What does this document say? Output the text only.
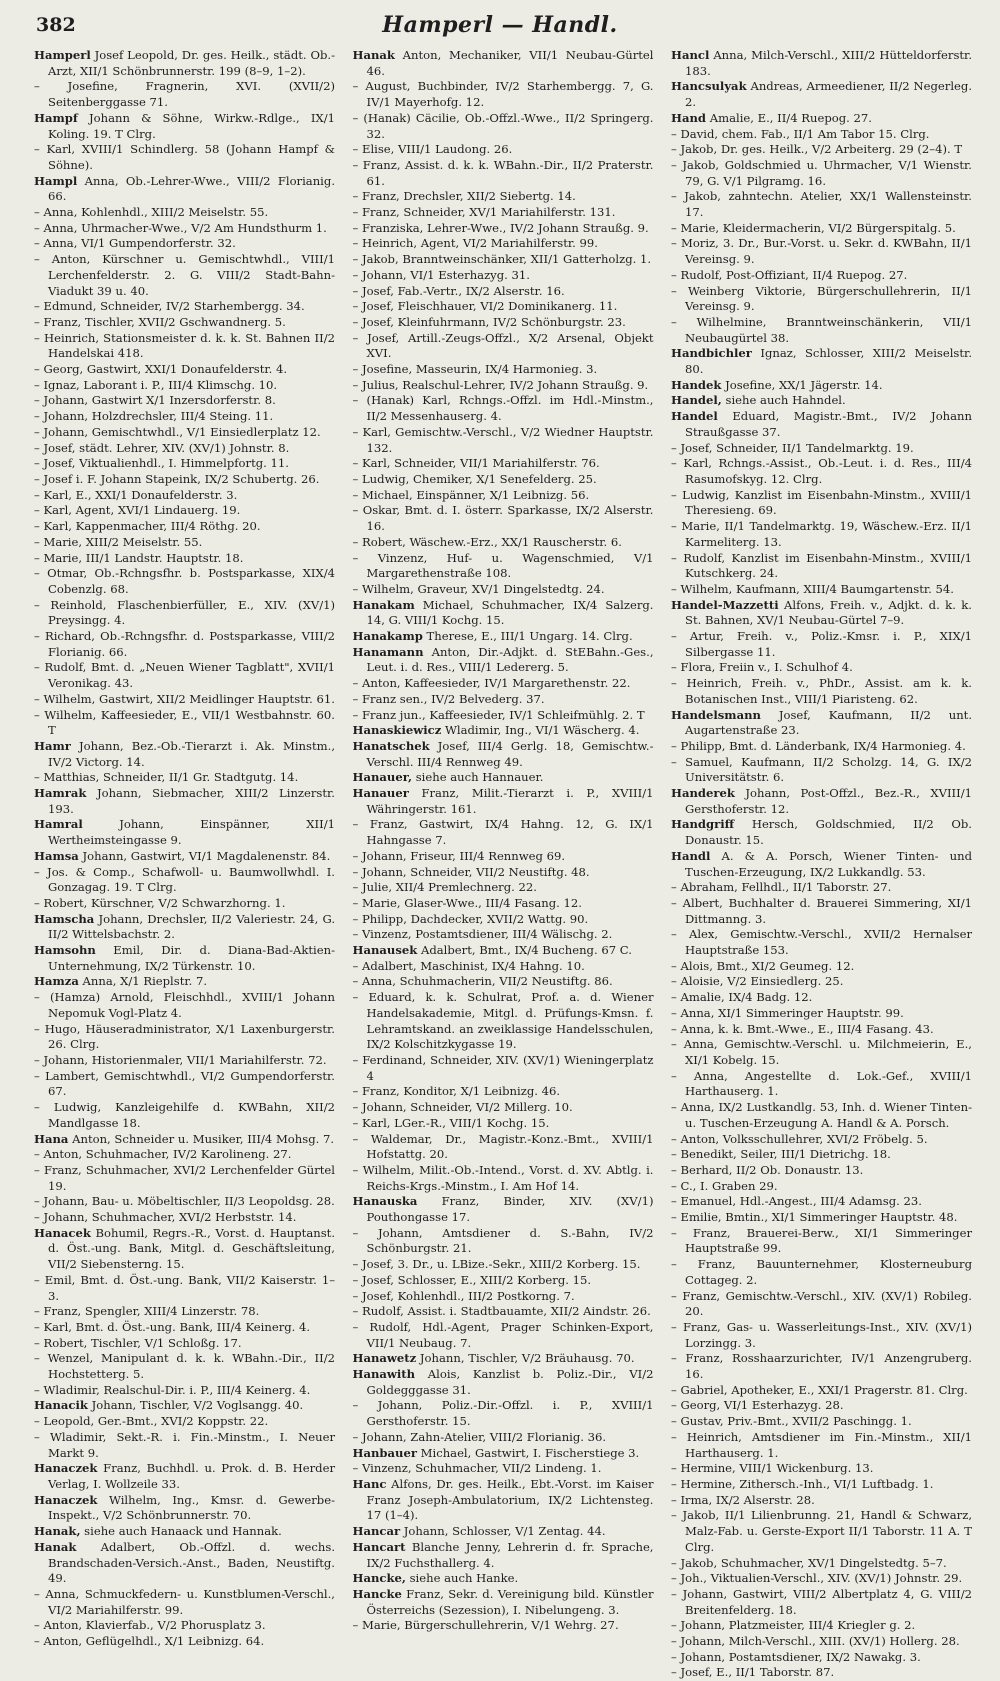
382	Hamperl — Handl.

Hamperl Josef Leopold, Dr. ges. Heilk., städt. Ob.-Arzt, XII/1 Schönbrunnerstr. 199 (8–9, 1–2).

– Josefine, Fragnerin, XVI. (XVII/2) Seitenberggasse 71.

Hampf Johann & Söhne, Wirkw.-Rdlge., IX/1 Koling. 19. T Clrg.

– Karl, XVIII/1 Schindlerg. 58 (Johann Hampf & Söhne).

Hampl Anna, Ob.-Lehrer-Wwe., VIII/2 Florianig. 66.

– Anna, Kohlenhdl., XIII/2 Meiselstr. 55.

– Anna, Uhrmacher-Wwe., V/2 Am Hundsthurm 1.

– Anna, VI/1 Gumpendorferstr. 32.

– Anton, Kürschner u. Gemischtwhdl., VIII/1 Lerchenfelderstr. 2. G. VIII/2 Stadt-Bahn-Viadukt 39 u. 40.

– Edmund, Schneider, IV/2 Starhembergg. 34.

– Franz, Tischler, XVII/2 Gschwandnerg. 5.

– Heinrich, Stationsmeister d. k. k. St. Bahnen II/2 Handelskai 418.

– Georg, Gastwirt, XXI/1 Donaufelderstr. 4.

– Ignaz, Laborant i. P., III/4 Klimschg. 10.

– Johann, Gastwirt X/1 Inzersdorferstr. 8.

– Johann, Holzdrechsler, III/4 Steing. 11.

– Johann, Gemischtwhdl., V/1 Einsiedlerplatz 12.

– Josef, städt. Lehrer, XIV. (XV/1) Johnstr. 8.

– Josef, Viktualienhdl., I. Himmelpfortg. 11.

– Josef i. F. Johann Stapeink, IX/2 Schubertg. 26.

– Karl, E., XXI/1 Donaufelderstr. 3.

– Karl, Agent, XVI/1 Lindauerg. 19.

– Karl, Kappenmacher, III/4 Röthg. 20.

– Marie, XIII/2 Meiselstr. 55.

– Marie, III/1 Landstr. Hauptstr. 18.

– Otmar, Ob.-Rchngsfhr. b. Postsparkasse, XIX/4 Cobenzlg. 68.

– Reinhold, Flaschenbierfüller, E., XIV. (XV/1) Preysingg. 4.

– Richard, Ob.-Rchngsfhr. d. Postsparkasse, VIII/2 Florianig. 66.

– Rudolf, Bmt. d. „Neuen Wiener Tagblatt", XVII/1 Veronikag. 43.

– Wilhelm, Gastwirt, XII/2 Meidlinger Hauptstr. 61.

– Wilhelm, Kaffeesieder, E., VII/1 Westbahnstr. 60. T

Hamr Johann, Bez.-Ob.-Tierarzt i. Ak. Minstm., IV/2 Victorg. 14.

– Matthias, Schneider, II/1 Gr. Stadtgutg. 14.

Hamrak Johann, Siebmacher, XIII/2 Linzerstr. 193.

Hamral	Johann, Einspänner, XII/1 Wertheimsteingasse 9.

Hamsa Johann, Gastwirt, VI/1 Magdalenenstr. 84.

– Jos. & Comp., Schafwoll- u. Baumwollwhdl. I. Gonzagag. 19. T Clrg.

– Robert, Kürschner, V/2 Schwarzhorng. 1.

Hamscha Johann, Drechsler, II/2 Valeriestr. 24, G. II/2 Wittelsbachstr. 2.

Hamsohn Emil, Dir. d. Diana-Bad-Aktien-Unternehmung, IX/2 Türkenstr. 10.

Hamza Anna, X/1 Rieplstr. 7.

– (Hamza) Arnold, Fleischhdl., XVIII/1 Johann Nepomuk Vogl-Platz 4.

– Hugo, Häuseradministrator, X/1 Laxenburgerstr. 26. Clrg.

– Johann, Historienmaler, VII/1 Mariahilferstr. 72.

– Lambert, Gemischtwhdl., VI/2 Gumpendorferstr. 67.

– Ludwig, Kanzleigehilfe d. KWBahn, XII/2 Mandlgasse 18.

Hana Anton, Schneider u. Musiker, III/4 Mohsg. 7.

– Anton, Schuhmacher, IV/2 Karolineng. 27.

– Franz, Schuhmacher, XVI/2 Lerchenfelder Gürtel 19.

– Johann, Bau- u. Möbeltischler, II/3 Leopoldsg. 28.

– Johann, Schuhmacher, XVI/2 Herbststr. 14.

Hanacek Bohumil, Regrs.-R., Vorst. d. Hauptanst. d. Öst.-ung. Bank, Mitgl. d. Geschäftsleitung, VII/2 Siebensterng. 15.

– Emil, Bmt. d. Öst.-ung. Bank, VII/2 Kaiserstr. 1–3.

– Franz, Spengler, XIII/4 Linzerstr. 78.

– Karl, Bmt. d. Öst.-ung. Bank, III/4 Keinerg. 4.

– Robert, Tischler, V/1 Schloßg. 17.

– Wenzel, Manipulant d. k. k. WBahn.-Dir., II/2 Hochstetterg. 5.

– Wladimir, Realschul-Dir. i. P., III/4 Keinerg. 4.

Hanacik Johann, Tischler, V/2 Voglsangg. 40.

– Leopold, Ger.-Bmt., XVI/2 Koppstr. 22.

– Wladimir, Sekt.-R. i. Fin.-Minstm., I. Neuer Markt 9.

Hanaczek Franz, Buchhdl. u. Prok. d. B. Herder Verlag, I. Wollzeile 33.

Hanaczek Wilhelm, Ing., Kmsr. d. Gewerbe-Inspekt., V/2 Schönbrunnerstr. 70.

Hanak, siehe auch Hanaack und Hannak.

Hanak Adalbert, Ob.-Offzl. d. wechs. Brandschaden-Versich.-Anst., Baden, Neustiftg. 49.

– Anna, Schmuckfedern- u. Kunstblumen-Verschl., VI/2 Mariahilferstr. 99.

– Anton, Klavierfab., V/2 Phorusplatz 3.

– Anton, Geflügelhdl., X/1 Leibnizg. 64.

Hanak Anton, Mechaniker, VII/1 Neubau-Gürtel 46.

– August, Buchbinder, IV/2 Starhembergg. 7, G. IV/1 Mayerhofg. 12.

– (Hanak) Cäcilie, Ob.-Offzl.-Wwe., II/2 Springerg. 32.

– Elise, VIII/1 Laudong. 26.

– Franz, Assist. d. k. k. WBahn.-Dir., II/2 Praterstr. 61.

– Franz, Drechsler, XII/2 Siebertg. 14.

– Franz, Schneider, XV/1 Mariahilferstr. 131.

– Franziska, Lehrer-Wwe., IV/2 Johann Straußg. 9.

– Heinrich, Agent, VI/2 Mariahilferstr. 99.

– Jakob, Branntweinschänker, XII/1 Gatterholzg. 1.

– Johann, VI/1 Esterhazyg. 31.

– Josef, Fab.-Vertr., IX/2 Alserstr. 16.

– Josef, Fleischhauer, VI/2 Dominikanerg. 11.

– Josef, Kleinfuhrmann, IV/2 Schönburgstr. 23.

– Josef, Artill.-Zeugs-Offzl., X/2 Arsenal, Objekt XVI.

– Josefine, Masseurin, IX/4 Harmonieg. 3.

– Julius, Realschul-Lehrer, IV/2 Johann Straußg. 9.

– (Hanak) Karl, Rchngs.-Offzl. im Hdl.-Minstm., II/2 Messenhauserg. 4.

– Karl, Gemischtw.-Verschl., V/2 Wiedner Hauptstr. 132.

– Karl, Schneider, VII/1 Mariahilferstr. 76.

– Ludwig, Chemiker, X/1 Senefelderg. 25.

– Michael, Einspänner, X/1 Leibnizg. 56.

– Oskar, Bmt. d. I. österr. Sparkasse, IX/2 Alserstr. 16.

– Robert, Wäschew.-Erz., XX/1 Rauscherstr. 6.

– Vinzenz, Huf- u. Wagenschmied, V/1 Margarethenstraße 108.

– Wilhelm, Graveur, XV/1 Dingelstedtg. 24.

Hanakam Michael, Schuhmacher, IX/4 Salzerg. 14, G. VIII/1 Kochg. 15.

Hanakamp Therese, E., III/1 Ungarg. 14. Clrg.

Hanamann Anton, Dir.-Adjkt. d. StEBahn.-Ges., Leut. i. d. Res., VIII/1 Ledererg. 5.

– Anton, Kaffeesieder, IV/1 Margarethenstr. 22.

– Franz sen., IV/2 Belvederg. 37.

– Franz jun., Kaffeesieder, IV/1 Schleifmühlg. 2. T

Hanaskiewicz Wladimir, Ing., VI/1 Wäscherg. 4.

Hanatschek Josef, III/4 Gerlg. 18, Gemischtw.-Verschl. III/4 Rennweg 49.

Hanauer, siehe auch Hannauer.

Hanauer Franz, Milit.-Tierarzt i. P., XVIII/1 Währingerstr. 161.

– Franz, Gastwirt, IX/4 Hahng. 12, G. IX/1 Hahngasse 7.

– Johann, Friseur, III/4 Rennweg 69.

– Johann, Schneider, VII/2 Neustiftg. 48.

– Julie, XII/4 Premlechnerg. 22.

– Marie, Glaser-Wwe., III/4 Fasang. 12.

– Philipp, Dachdecker, XVII/2 Wattg. 90.

– Vinzenz, Postamtsdiener, III/4 Wälischg. 2.

Hanausek Adalbert, Bmt., IX/4 Bucheng. 67 C.

– Adalbert, Maschinist, IX/4 Hahng. 10.

– Anna, Schuhmacherin, VII/2 Neustiftg. 86.

– Eduard, k. k. Schulrat, Prof. a. d. Wiener Handelsakademie, Mitgl. d. Prüfungs-Kmsn. f. Lehramtskand. an zweiklassige Handelsschulen, IX/2 Kolschitzkygasse 19.

– Ferdinand, Schneider, XIV. (XV/1) Wieningerplatz 4

– Franz, Konditor, X/1 Leibnizg. 46.

– Johann, Schneider, VI/2 Millerg. 10.

– Karl, LGer.-R., VIII/1 Kochg. 15.

– Waldemar, Dr., Magistr.-Konz.-Bmt., XVIII/1 Hofstattg. 20.

– Wilhelm, Milit.-Ob.-Intend., Vorst. d. XV. Abtlg. i. Reichs-Krgs.-Minstm., I. Am Hof 14.

Hanauska Franz, Binder, XIV. (XV/1) Pouthongasse 17.

– Johann, Amtsdiener d. S.-Bahn, IV/2 Schönburgstr. 21.

– Josef, 3. Dr., u. LBize.-Sekr., XIII/2 Korberg. 15.

– Josef, Schlosser, E., XIII/2 Korberg. 15.

– Josef, Kohlenhdl., III/2 Postkorng. 7.

– Rudolf, Assist. i. Stadtbauamte, XII/2 Aindstr. 26.

– Rudolf, Hdl.-Agent, Prager Schinken-Export, VII/1 Neubaug. 7.

Hanawetz Johann, Tischler, V/2 Bräuhausg. 70.

Hanawith Alois, Kanzlist b. Poliz.-Dir., VI/2 Goldegggasse 31.

– Johann, Poliz.-Dir.-Offzl. i. P., XVIII/1 Gersthoferstr. 15.

– Johann, Zahn-Atelier, VIII/2 Florianig. 36.

Hanbauer Michael, Gastwirt, I. Fischerstiege 3.

– Vinzenz, Schuhmacher, VII/2 Lindeng. 1.

Hanc Alfons, Dr. ges. Heilk., Ebt.-Vorst. im Kaiser Franz Joseph-Ambulatorium, IX/2 Lichtensteg. 17 (1–4).

Hancar Johann, Schlosser, V/1 Zentag. 44.

Hancart Blanche Jenny, Lehrerin d. fr. Sprache, IX/2 Fuchsthallerg. 4.

Hancke, siehe auch Hanke.

Hancke Franz, Sekr. d. Vereinigung bild. Künstler Österreichs (Sezession), I. Nibelungeng. 3.

– Marie, Bürgerschullehrerin, V/1 Wehrg. 27.

Hancl Anna, Milch-Verschl., XIII/2 Hütteldorferstr. 183.

Hancsulyak Andreas, Armeediener, II/2 Negerleg. 2.

Hand Amalie, E., II/4 Ruepog. 27.

– David, chem. Fab., II/1 Am Tabor 15. Clrg.

– Jakob, Dr. ges. Heilk., V/2 Arbeiterg. 29 (2–4). T

– Jakob, Goldschmied u. Uhrmacher, V/1 Wienstr. 79, G. V/1 Pilgramg. 16.

– Jakob, zahntechn. Atelier, XX/1 Wallensteinstr. 17.

– Marie, Kleidermacherin, VI/2 Bürgerspitalg. 5.

– Moriz, 3. Dr., Bur.-Vorst. u. Sekr. d. KWBahn, II/1 Vereinsg. 9.

– Rudolf, Post-Offiziant, II/4 Ruepog. 27.

– Weinberg Viktorie, Bürgerschullehrerin, II/1 Vereinsg. 9.

– Wilhelmine, Branntweinschänkerin, VII/1 Neubaugürtel 38.

Handbichler Ignaz, Schlosser, XIII/2 Meiselstr. 80.

Handek Josefine, XX/1 Jägerstr. 14.

Handel, siehe auch Hahndel.

Handel Eduard, Magistr.-Bmt., IV/2 Johann Straußgasse 37.

– Josef, Schneider, II/1 Tandelmarktg. 19.

– Karl, Rchngs.-Assist., Ob.-Leut. i. d. Res., III/4 Rasumofskyg. 12. Clrg.

– Ludwig, Kanzlist im Eisenbahn-Minstm., XVIII/1 Theresieng. 69.

– Marie, II/1 Tandelmarktg. 19, Wäschew.-Erz. II/1 Karmeliterg. 13.

– Rudolf, Kanzlist im Eisenbahn-Minstm., XVIII/1 Kutschkerg. 24.

– Wilhelm, Kaufmann, XIII/4 Baumgartenstr. 54.

Handel-Mazzetti Alfons, Freih. v., Adjkt. d. k. k. St. Bahnen, XV/1 Neubau-Gürtel 7–9.

– Artur, Freih. v., Poliz.-Kmsr. i. P., XIX/1 Silbergasse 11.

– Flora, Freiin v., I. Schulhof 4.

– Heinrich, Freih. v., PhDr., Assist. am k. k. Botanischen Inst., VIII/1 Piaristeng. 62.

Handelsmann Josef, Kaufmann, II/2 unt. Augartenstraße 23.

– Philipp, Bmt. d. Länderbank, IX/4 Harmonieg. 4.

– Samuel, Kaufmann, II/2 Scholzg. 14, G. IX/2 Universitätstr. 6.

Handerek Johann, Post-Offzl., Bez.-R., XVIII/1 Gersthoferstr. 12.

Handgriff Hersch, Goldschmied, II/2 Ob. Donaustr. 15.

Handl A. & A. Porsch, Wiener Tinten- und Tuschen-Erzeugung, IX/2 Lukkandlg. 53.

– Abraham, Fellhdl., II/1 Taborstr. 27.

– Albert, Buchhalter d. Brauerei Simmering, XI/1 Dittmanng. 3.

– Alex, Gemischtw.-Verschl., XVII/2 Hernalser Hauptstraße 153.

– Alois, Bmt., XI/2 Geumeg. 12.

– Aloisie, V/2 Einsiedlerg. 25.

– Amalie, IX/4 Badg. 12.

– Anna, XI/1 Simmeringer Hauptstr. 99.

– Anna, k. k. Bmt.-Wwe., E., III/4 Fasang. 43.

– Anna, Gemischtw.-Verschl. u. Milchmeierin, E., XI/1 Kobelg. 15.

– Anna, Angestellte d. Lok.-Gef., XVIII/1 Harthauserg. 1.

– Anna, IX/2 Lustkandlg. 53, Inh. d. Wiener Tinten- u. Tuschen-Erzeugung A. Handl & A. Porsch.

– Anton, Volksschullehrer, XVI/2 Fröbelg. 5.

– Benedikt, Seiler, III/1 Dietrichg. 18.

– Berhard, II/2 Ob. Donaustr. 13.

– C., I. Graben 29.

– Emanuel, Hdl.-Angest., III/4 Adamsg. 23.

– Emilie, Bmtin., XI/1 Simmeringer Hauptstr. 48.

– Franz, Brauerei-Berw., XI/1 Simmeringer Hauptstraße 99.

– Franz, Bauunternehmer, Klosterneuburg Cottageg. 2.

– Franz, Gemischtw.-Verschl., XIV. (XV/1) Robileg. 20.

– Franz, Gas- u. Wasserleitungs-Inst., XIV. (XV/1) Lorzingg. 3.

– Franz, Rosshaarzurichter, IV/1 Anzengruberg. 16.

– Gabriel, Apotheker, E., XXI/1 Pragerstr. 81. Clrg.

– Georg, VI/1 Esterhazyg. 28.

– Gustav, Priv.-Bmt., XVII/2 Paschingg. 1.

– Heinrich, Amtsdiener im Fin.-Minstm., XII/1 Harthauserg. 1.

– Hermine, VIII/1 Wickenburg. 13.

– Hermine, Zithersch.-Inh., VI/1 Luftbadg. 1.

– Irma, IX/2 Alserstr. 28.

– Jakob, II/1 Lilienbrunng. 21, Handl & Schwarz, Malz-Fab. u. Gerste-Export II/1 Taborstr. 11 A. T Clrg.

– Jakob, Schuhmacher, XV/1 Dingelstedtg. 5–7.

– Joh., Viktualien-Verschl., XIV. (XV/1) Johnstr. 29.

– Johann, Gastwirt, VIII/2 Albertplatz 4, G. VIII/2 Breitenfelderg. 18.

– Johann, Platzmeister, III/4 Kriegler g. 2.

– Johann, Milch-Verschl., XIII. (XV/1) Hollerg. 28.

– Johann, Postamtsdiener, IX/2 Nawakg. 3.

– Josef, E., II/1 Taborstr. 87.
